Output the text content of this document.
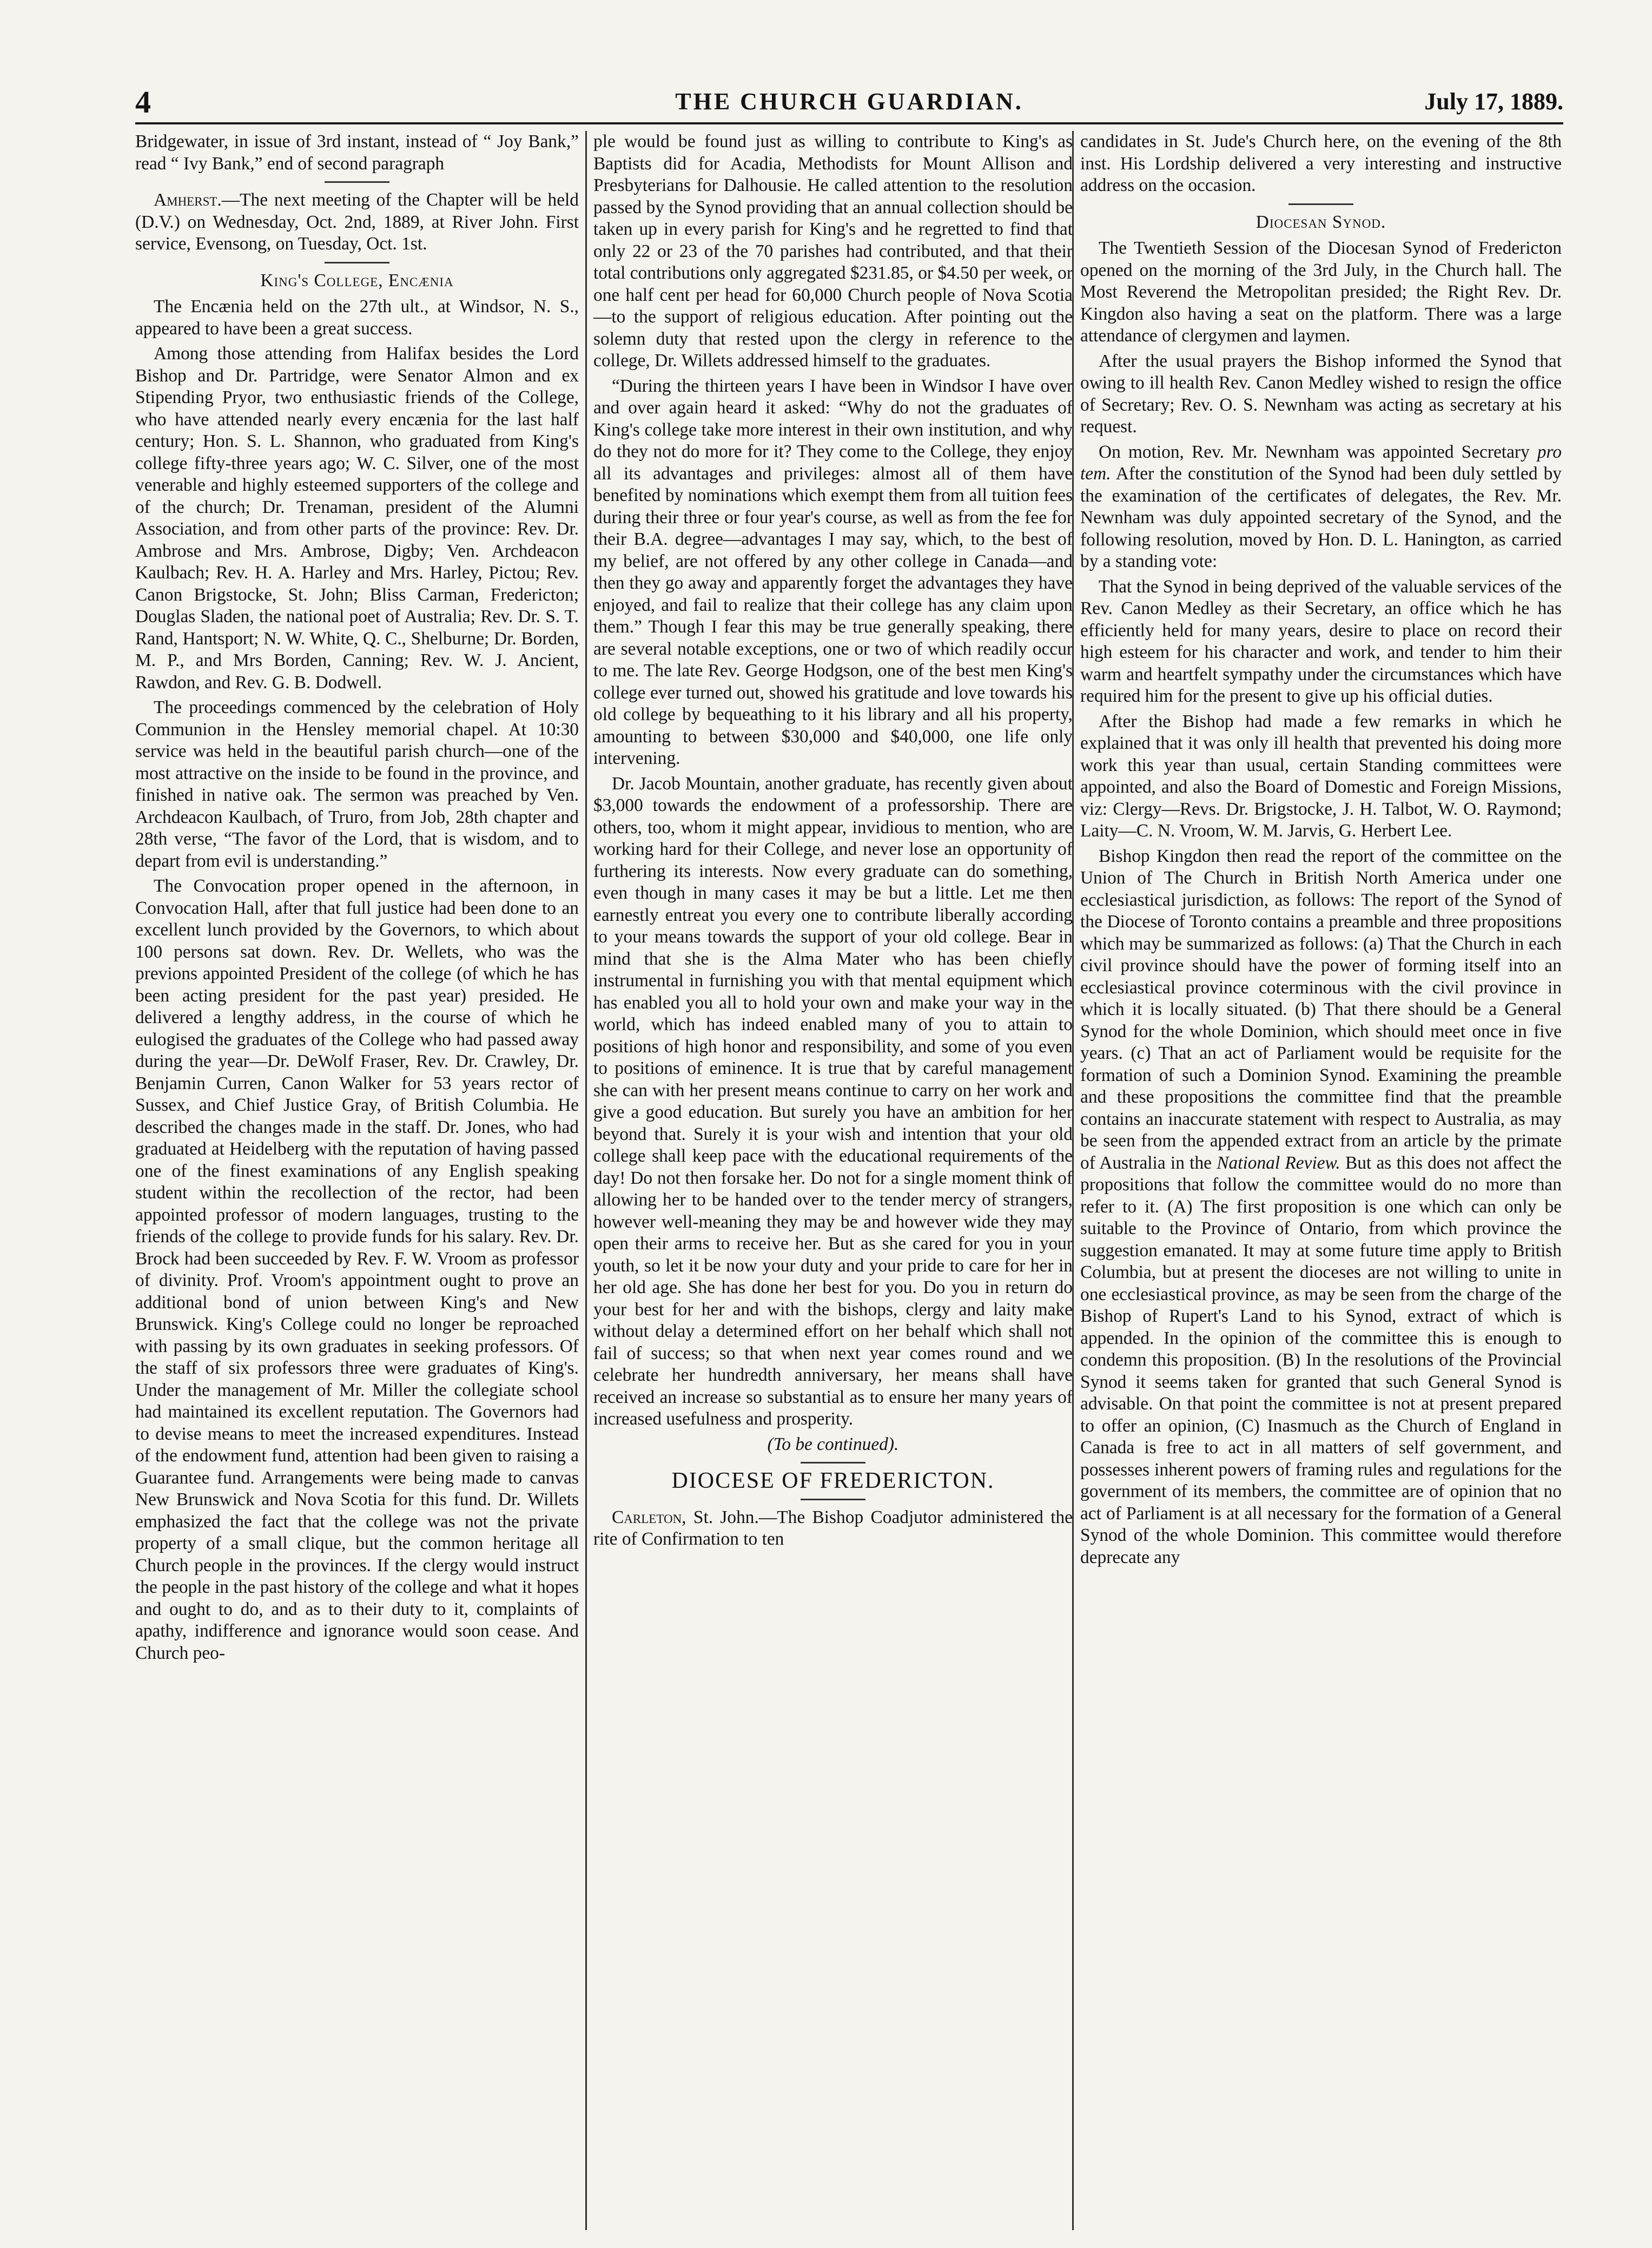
4	THE CHURCH GUARDIAN.	July 17, 1889.

Bridgewater, in issue of 3rd instant, instead of “ Joy Bank,” read “ Ivy Bank,” end of second paragraph

Amherst.—The next meeting of the Chapter will be held (D.V.) on Wednesday, Oct. 2nd, 1889, at River John. First service, Evensong, on Tuesday, Oct. 1st.

King's College, Encænia

The Encænia held on the 27th ult., at Windsor, N. S., appeared to have been a great success.

Among those attending from Halifax besides the Lord Bishop and Dr. Partridge, were Senator Almon and ex Stipending Pryor, two enthusiastic friends of the College, who have attended nearly every encænia for the last half century; Hon. S. L. Shannon, who graduated from King's college fifty-three years ago; W. C. Silver, one of the most venerable and highly esteemed supporters of the college and of the church; Dr. Trenaman, president of the Alumni Association, and from other parts of the province: Rev. Dr. Ambrose and Mrs. Ambrose, Digby; Ven. Archdeacon Kaulbach; Rev. H. A. Harley and Mrs. Harley, Pictou; Rev. Canon Brigstocke, St. John; Bliss Carman, Fredericton; Douglas Sladen, the national poet of Australia; Rev. Dr. S. T. Rand, Hantsport; N. W. White, Q. C., Shelburne; Dr. Borden, M. P., and Mrs Borden, Canning; Rev. W. J. Ancient, Rawdon, and Rev. G. B. Dodwell.

The proceedings commenced by the celebration of Holy Communion in the Hensley memorial chapel. At 10:30 service was held in the beautiful parish church—one of the most attractive on the inside to be found in the province, and finished in native oak. The sermon was preached by Ven. Archdeacon Kaulbach, of Truro, from Job, 28th chapter and 28th verse, “The favor of the Lord, that is wisdom, and to depart from evil is understanding.”

The Convocation proper opened in the afternoon, in Convocation Hall, after that full justice had been done to an excellent lunch provided by the Governors, to which about 100 persons sat down. Rev. Dr. Wellets, who was the previons appointed President of the college (of which he has been acting president for the past year) presided. He delivered a lengthy address, in the course of which he eulogised the graduates of the College who had passed away during the year—Dr. DeWolf Fraser, Rev. Dr. Crawley, Dr. Benjamin Curren, Canon Walker for 53 years rector of Sussex, and Chief Justice Gray, of British Columbia. He described the changes made in the staff. Dr. Jones, who had graduated at Heidelberg with the reputation of having passed one of the finest examinations of any English speaking student within the recollection of the rector, had been appointed professor of modern languages, trusting to the friends of the college to provide funds for his salary. Rev. Dr. Brock had been succeeded by Rev. F. W. Vroom as professor of divinity. Prof. Vroom's appointment ought to prove an additional bond of union between King's and New Brunswick. King's College could no longer be reproached with passing by its own graduates in seeking professors. Of the staff of six professors three were graduates of King's. Under the management of Mr. Miller the collegiate school had maintained its excellent reputation. The Governors had to devise means to meet the increased expenditures. Instead of the endowment fund, attention had been given to raising a Guarantee fund. Arrangements were being made to canvas New Brunswick and Nova Scotia for this fund. Dr. Willets emphasized the fact that the college was not the private property of a small clique, but the common heritage all Church people in the provinces. If the clergy would instruct the people in the past history of the college and what it hopes and ought to do, and as to their duty to it, complaints of apathy, indifference and ignorance would soon cease. And Church peo-

ple would be found just as willing to contribute to King's as Baptists did for Acadia, Methodists for Mount Allison and Presbyterians for Dalhousie. He called attention to the resolution passed by the Synod providing that an annual collection should be taken up in every parish for King's and he regretted to find that only 22 or 23 of the 70 parishes had contributed, and that their total contributions only aggregated $231.85, or $4.50 per week, or one half cent per head for 60,000 Church people of Nova Scotia—to the support of religious education. After pointing out the solemn duty that rested upon the clergy in reference to the college, Dr. Willets addressed himself to the graduates.

“During the thirteen years I have been in Windsor I have over and over again heard it asked: “Why do not the graduates of King's college take more interest in their own institution, and why do they not do more for it? They come to the College, they enjoy all its advantages and privileges: almost all of them have benefited by nominations which exempt them from all tuition fees during their three or four year's course, as well as from the fee for their B.A. degree—advantages I may say, which, to the best of my belief, are not offered by any other college in Canada—and then they go away and apparently forget the advantages they have enjoyed, and fail to realize that their college has any claim upon them.” Though I fear this may be true generally speaking, there are several notable exceptions, one or two of which readily occur to me. The late Rev. George Hodgson, one of the best men King's college ever turned out, showed his gratitude and love towards his old college by bequeathing to it his library and all his property, amounting to between $30,000 and $40,000, one life only intervening.

Dr. Jacob Mountain, another graduate, has recently given about $3,000 towards the endowment of a professorship. There are others, too, whom it might appear, invidious to mention, who are working hard for their College, and never lose an opportunity of furthering its interests. Now every graduate can do something, even though in many cases it may be but a little. Let me then earnestly entreat you every one to contribute liberally according to your means towards the support of your old college. Bear in mind that she is the Alma Mater who has been chiefly instrumental in furnishing you with that mental equipment which has enabled you all to hold your own and make your way in the world, which has indeed enabled many of you to attain to positions of high honor and responsibility, and some of you even to positions of eminence. It is true that by careful management she can with her present means continue to carry on her work and give a good education. But surely you have an ambition for her beyond that. Surely it is your wish and intention that your old college shall keep pace with the educational requirements of the day! Do not then forsake her. Do not for a single moment think of allowing her to be handed over to the tender mercy of strangers, however well-meaning they may be and however wide they may open their arms to receive her. But as she cared for you in your youth, so let it be now your duty and your pride to care for her in her old age. She has done her best for you. Do you in return do your best for her and with the bishops, clergy and laity make without delay a determined effort on her behalf which shall not fail of success; so that when next year comes round and we celebrate her hundredth anniversary, her means shall have received an increase so substantial as to ensure her many years of increased usefulness and prosperity.

(To be continued).

DIOCESE OF FREDERICTON.

Carleton, St. John.—The Bishop Coadjutor administered the rite of Confirmation to ten

candidates in St. Jude's Church here, on the evening of the 8th inst. His Lordship delivered a very interesting and instructive address on the occasion.

Diocesan Synod.

The Twentieth Session of the Diocesan Synod of Fredericton opened on the morning of the 3rd July, in the Church hall. The Most Reverend the Metropolitan presided; the Right Rev. Dr. Kingdon also having a seat on the platform. There was a large attendance of clergymen and laymen.

After the usual prayers the Bishop informed the Synod that owing to ill health Rev. Canon Medley wished to resign the office of Secretary; Rev. O. S. Newnham was acting as secretary at his request.

On motion, Rev. Mr. Newnham was appointed Secretary pro tem. After the constitution of the Synod had been duly settled by the examination of the certificates of delegates, the Rev. Mr. Newnham was duly appointed secretary of the Synod, and the following resolution, moved by Hon. D. L. Hanington, as carried by a standing vote:

That the Synod in being deprived of the valuable services of the Rev. Canon Medley as their Secretary, an office which he has efficiently held for many years, desire to place on record their high esteem for his character and work, and tender to him their warm and heartfelt sympathy under the circumstances which have required him for the present to give up his official duties.

After the Bishop had made a few remarks in which he explained that it was only ill health that prevented his doing more work this year than usual, certain Standing committees were appointed, and also the Board of Domestic and Foreign Missions, viz: Clergy—Revs. Dr. Brigstocke, J. H. Talbot, W. O. Raymond; Laity—C. N. Vroom, W. M. Jarvis, G. Herbert Lee.

Bishop Kingdon then read the report of the committee on the Union of The Church in British North America under one ecclesiastical jurisdiction, as follows: The report of the Synod of the Diocese of Toronto contains a preamble and three propositions which may be summarized as follows: (a) That the Church in each civil province should have the power of forming itself into an ecclesiastical province coterminous with the civil province in which it is locally situated. (b) That there should be a General Synod for the whole Dominion, which should meet once in five years. (c) That an act of Parliament would be requisite for the formation of such a Dominion Synod. Examining the preamble and these propositions the committee find that the preamble contains an inaccurate statement with respect to Australia, as may be seen from the appended extract from an article by the primate of Australia in the National Review. But as this does not affect the propositions that follow the committee would do no more than refer to it. (A) The first proposition is one which can only be suitable to the Province of Ontario, from which province the suggestion emanated. It may at some future time apply to British Columbia, but at present the dioceses are not willing to unite in one ecclesiastical province, as may be seen from the charge of the Bishop of Rupert's Land to his Synod, extract of which is appended. In the opinion of the committee this is enough to condemn this proposition. (B) In the resolutions of the Provincial Synod it seems taken for granted that such General Synod is advisable. On that point the committee is not at present prepared to offer an opinion, (C) Inasmuch as the Church of England in Canada is free to act in all matters of self government, and possesses inherent powers of framing rules and regulations for the government of its members, the committee are of opinion that no act of Parliament is at all necessary for the formation of a General Synod of the whole Dominion. This committee would therefore deprecate any
